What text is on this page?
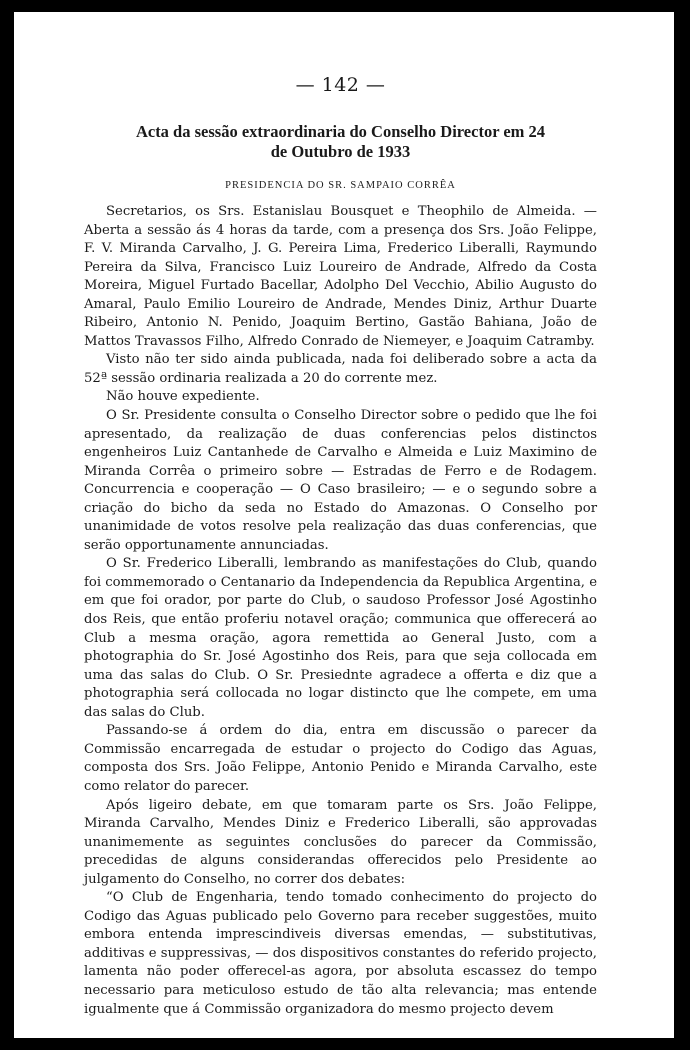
— 142 —
Acta da sessão extraordinaria do Conselho Director em 24
de Outubro de 1933
PRESIDENCIA DO SR. SAMPAIO CORRÊA

Secretarios, os Srs. Estanislau Bousquet e Theophilo de Almeida. — Aberta a sessão ás 4 horas da tarde, com a presença dos Srs. João Felippe, F. V. Miranda Carvalho, J. G. Pereira Lima, Frederico Liberalli, Raymundo Pereira da Silva, Francisco Luiz Loureiro de Andrade, Alfredo da Costa Moreira, Miguel Furtado Bacellar, Adolpho Del Vecchio, Abilio Augusto do Amaral, Paulo Emilio Loureiro de Andrade, Mendes Diniz, Arthur Duarte Ribeiro, Antonio N. Penido, Joaquim Bertino, Gastão Bahiana, João de Mattos Travassos Filho, Alfredo Conrado de Niemeyer, e Joaquim Catramby.

Visto não ter sido ainda publicada, nada foi deliberado sobre a acta da 52ª sessão ordinaria realizada a 20 do corrente mez.

Não houve expediente.

O Sr. Presidente consulta o Conselho Director sobre o pedido que lhe foi apresentado, da realização de duas conferencias pelos distinctos engenheiros Luiz Cantanhede de Carvalho e Almeida e Luiz Maximino de Miranda Corrêa o primeiro sobre — Estradas de Ferro e de Rodagem. Concurrencia e cooperação — O Caso brasileiro; — e o segundo sobre a criação do bicho da seda no Estado do Amazonas. O Conselho por unanimidade de votos resolve pela realização das duas conferencias, que serão opportunamente annunciadas.

O Sr. Frederico Liberalli, lembrando as manifestações do Club, quando foi commemorado o Centanario da Independencia da Republica Argentina, e em que foi orador, por parte do Club, o saudoso Professor José Agostinho dos Reis, que então proferiu notavel oração; communica que offerecerá ao Club a mesma oração, agora remettida ao General Justo, com a photographia do Sr. José Agostinho dos Reis, para que seja collocada em uma das salas do Club. O Sr. Presiednte agradece a offerta e diz que a photographia será collocada no logar distincto que lhe compete, em uma das salas do Club.

Passando-se á ordem do dia, entra em discussão o parecer da Commissão encarregada de estudar o projecto do Codigo das Aguas, composta dos Srs. João Felippe, Antonio Penido e Miranda Carvalho, este como relator do parecer.

Após ligeiro debate, em que tomaram parte os Srs. João Felippe, Miranda Carvalho, Mendes Diniz e Frederico Liberalli, são approvadas unanimemente as seguintes conclusões do parecer da Commissão, precedidas de alguns considerandas offerecidos pelo Presidente ao julgamento do Conselho, no correr dos debates:

“O Club de Engenharia, tendo tomado conhecimento do projecto do Codigo das Aguas publicado pelo Governo para receber suggestões, muito embora entenda imprescindiveis diversas emendas, — substitutivas, additivas e suppressivas, — dos dispositivos constantes do referido projecto, lamenta não poder offerecel-as agora, por absoluta escassez do tempo necessario para meticuloso estudo de tão alta relevancia; mas entende igualmente que á Commissão organizadora do mesmo projecto devem
